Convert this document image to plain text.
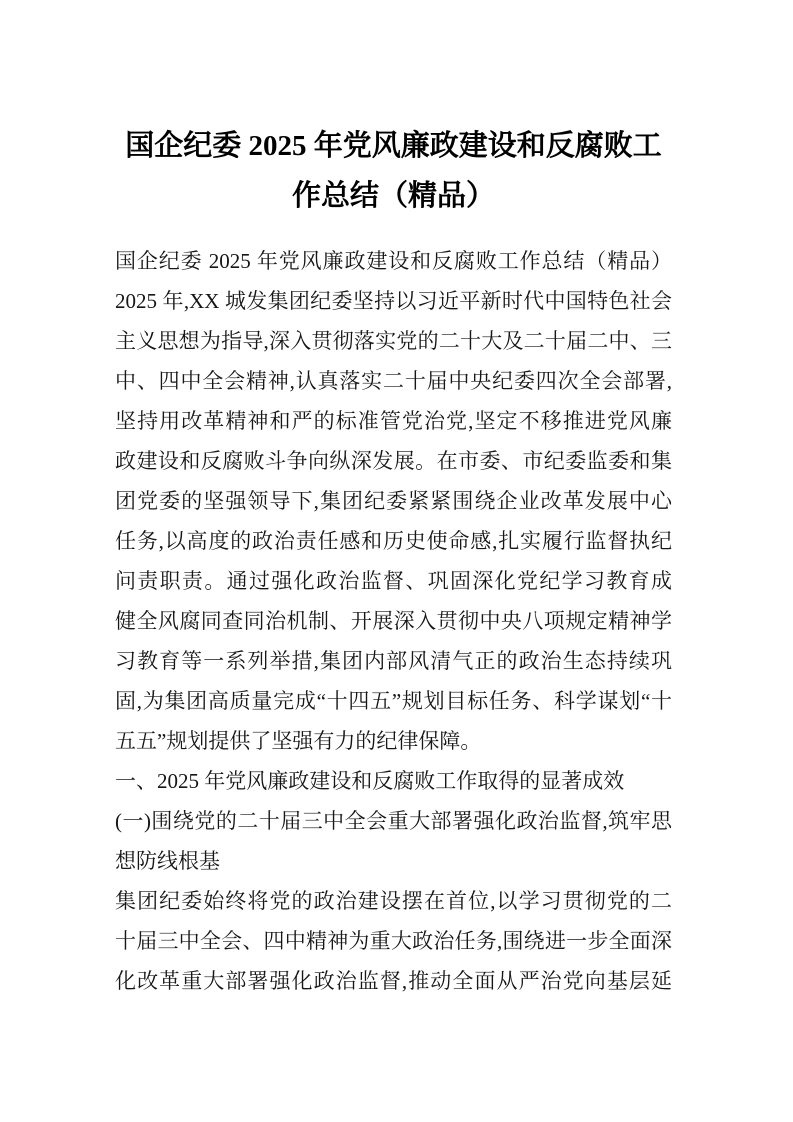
国企纪委 2025 年党风廉政建设和反腐败工
作总结（精品）
国企纪委 2025 年党风廉政建设和反腐败工作总结（精品）
2025 年,XX 城发集团纪委坚持以习近平新时代中国特色社会
主义思想为指导,深入贯彻落实党的二十大及二十届二中、三
中、四中全会精神,认真落实二十届中央纪委四次全会部署,
坚持用改革精神和严的标准管党治党,坚定不移推进党风廉
政建设和反腐败斗争向纵深发展。在市委、市纪委监委和集
团党委的坚强领导下,集团纪委紧紧围绕企业改革发展中心
任务,以高度的政治责任感和历史使命感,扎实履行监督执纪
问责职责。通过强化政治监督、巩固深化党纪学习教育成
健全风腐同查同治机制、开展深入贯彻中央八项规定精神学
习教育等一系列举措,集团内部风清气正的政治生态持续巩
固,为集团高质量完成“十四五”规划目标任务、科学谋划“十
五五”规划提供了坚强有力的纪律保障。
一、2025 年党风廉政建设和反腐败工作取得的显著成效
(一)围绕党的二十届三中全会重大部署强化政治监督,筑牢思
想防线根基
集团纪委始终将党的政治建设摆在首位,以学习贯彻党的二
十届三中全会、四中精神为重大政治任务,围绕进一步全面深
化改革重大部署强化政治监督,推动全面从严治党向基层延
